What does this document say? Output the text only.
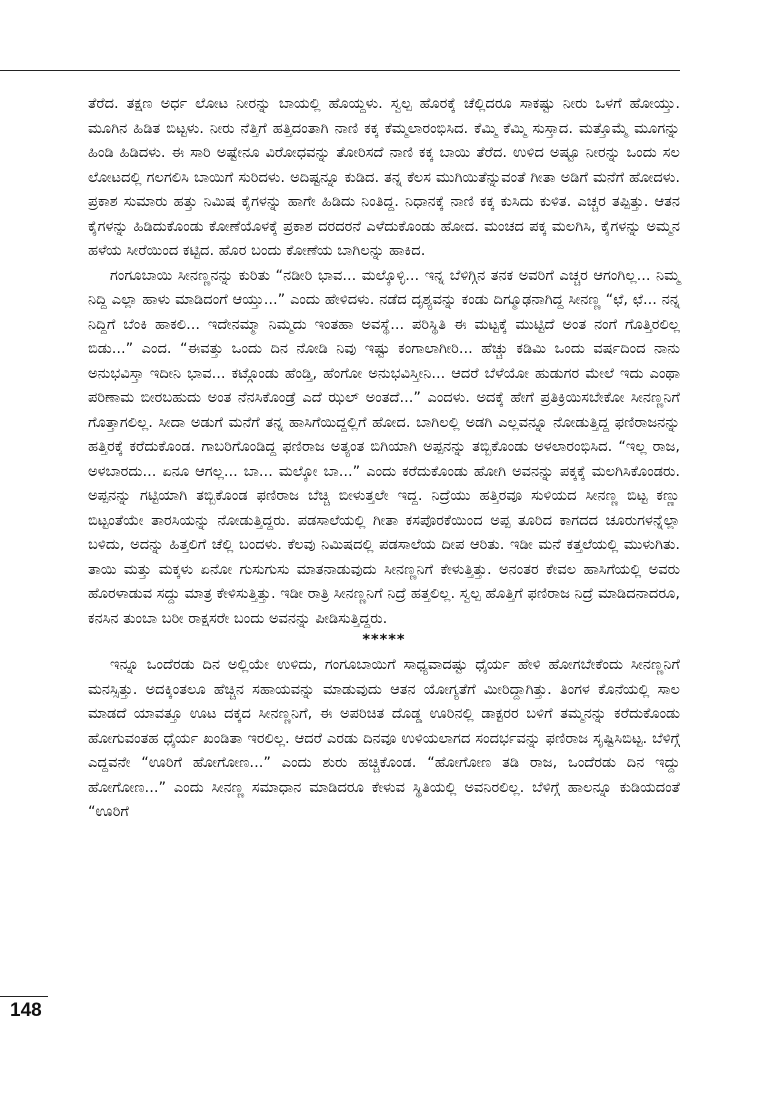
ತೆರೆದ. ತಕ್ಷಣ ಅರ್ಧ ಲೋಟ ನೀರನ್ನು ಬಾಯಲ್ಲಿ ಹೊಯ್ದಳು. ಸ್ವಲ್ಪ ಹೊರಕ್ಕೆ ಚೆಲ್ಲಿದರೂ ಸಾಕಷ್ಟು ನೀರು ಒಳಗೆ ಹೋಯ್ತು. ಮೂಗಿನ ಹಿಡಿತ ಬಿಟ್ಟಳು. ನೀರು ನೆತ್ತಿಗೆ ಹತ್ತಿದಂತಾಗಿ ನಾಣಿ ಕಕ್ಕ ಕೆಮ್ಮಲಾರಂಭಿಸಿದ. ಕೆಮ್ಮಿ ಕೆಮ್ಮಿ ಸುಸ್ತಾದ. ಮತ್ತೊಮ್ಮೆ ಮೂಗನ್ನು ಹಿಂಡಿ ಹಿಡಿದಳು. ಈ ಸಾರಿ ಅಷ್ಟೇನೂ ವಿರೋಧವನ್ನು ತೋರಿಸದೆ ನಾಣಿ ಕಕ್ಕ ಬಾಯಿ ತೆರೆದ. ಉಳಿದ ಅಷ್ಟೂ ನೀರನ್ನು ಒಂದು ಸಲ ಲೋಟದಲ್ಲಿ ಗಲಗಲಿಸಿ ಬಾಯಿಗೆ ಸುರಿದಳು. ಅದಿಷ್ಟನ್ನೂ ಕುಡಿದ. ತನ್ನ ಕೆಲಸ ಮುಗಿಯಿತೆನ್ನುವಂತೆ ಗೀತಾ ಅಡಿಗೆ ಮನೆಗೆ ಹೋದಳು. ಪ್ರಕಾಶ ಸುಮಾರು ಹತ್ತು ನಿಮಿಷ ಕೈಗಳನ್ನು ಹಾಗೇ ಹಿಡಿದು ನಿಂತಿದ್ದ. ನಿಧಾನಕ್ಕೆ ನಾಣಿ ಕಕ್ಕ ಕುಸಿದು ಕುಳಿತ. ಎಚ್ಚರ ತಪ್ಪಿತ್ತು. ಆತನ ಕೈಗಳನ್ನು ಹಿಡಿದುಕೊಂಡು ಕೋಣೆಯೊಳಕ್ಕೆ ಪ್ರಕಾಶ ದರದರನೆ ಎಳೆದುಕೊಂಡು ಹೋದ. ಮಂಚದ ಪಕ್ಕ ಮಲಗಿಸಿ, ಕೈಗಳನ್ನು ಅಮ್ಮನ ಹಳೆಯ ಸೀರೆಯಿಂದ ಕಟ್ಟಿದ. ಹೊರ ಬಂದು ಕೋಣೆಯ ಬಾಗಿಲನ್ನು ಹಾಕಿದ.

ಗಂಗೂಬಾಯಿ ಸೀನಣ್ಣನನ್ನು ಕುರಿತು “ನಡೀರಿ ಭಾವ... ಮಲ್ಕೊಳ್ಳಿ... ಇನ್ನ ಬೆಳಿಗ್ಗಿನ ತನಕ ಅವರಿಗೆ ಎಚ್ಚರ ಆಗಂಗಿಲ್ಲ... ನಿಮ್ಮ ನಿದ್ದಿ ಎಲ್ಲಾ ಹಾಳು ಮಾಡಿದಂಗೆ ಆಯ್ತು...” ಎಂದು ಹೇಳಿದಳು. ನಡೆದ ದೃಶ್ಯವನ್ನು ಕಂಡು ದಿಗ್ಮೂಢನಾಗಿದ್ದ ಸೀನಣ್ಣ “ಛೆ, ಛೆ... ನನ್ನ ನಿದ್ದಿಗೆ ಬೆಂಕಿ ಹಾಕಲಿ... ಇದೇನಮ್ಮಾ ನಿಮ್ಮದು ಇಂತಹಾ ಅವಸ್ಥೆ... ಪರಿಸ್ಥಿತಿ ಈ ಮಟ್ಟಕ್ಕೆ ಮುಟ್ಟಿದೆ ಅಂತ ನಂಗೆ ಗೊತ್ತಿರಲಿಲ್ಲ ಬಿಡು...” ಎಂದ. “ಈವತ್ತು ಒಂದು ದಿನ ನೋಡಿ ನಿವು ಇಷ್ಟು ಕಂಗಾಲಾಗೀರಿ... ಹೆಚ್ಚು ಕಡಿಮಿ ಒಂದು ವರ್ಷದಿಂದ ನಾನು ಅನುಭವಿಸ್ತಾ ಇದೀನಿ ಭಾವ... ಕಟ್ಗೊಂಡು ಹೆಂಡ್ತಿ, ಹೆಂಗೋ ಅನುಭವಿಸ್ತೀನಿ... ಆದರೆ ಬೆಳೆಯೋ ಹುಡುಗರ ಮೇಲೆ ಇದು ಎಂಥಾ ಪರಿಣಾಮ ಬೀರಬಹುದು ಅಂತ ನೆನಸಿಕೊಂಡ್ರೆ ಎದೆ ಝಲ್ ಅಂತದೆ...” ಎಂದಳು. ಅದಕ್ಕೆ ಹೇಗೆ ಪ್ರತಿಕ್ರಿಯಿಸಬೇಕೋ ಸೀನಣ್ಣನಿಗೆ ಗೊತ್ತಾಗಲಿಲ್ಲ. ಸೀದಾ ಅಡುಗೆ ಮನೆಗೆ ತನ್ನ ಹಾಸಿಗೆಯಿದ್ದಲ್ಲಿಗೆ ಹೋದ. ಬಾಗಿಲಲ್ಲಿ ಅಡಗಿ ಎಲ್ಲವನ್ನೂ ನೋಡುತ್ತಿದ್ದ ಫಣಿರಾಜನನ್ನು ಹತ್ತಿರಕ್ಕೆ ಕರೆದುಕೊಂಡ. ಗಾಬರಿಗೊಂಡಿದ್ದ ಫಣಿರಾಜ ಅತ್ಯಂತ ಬಿಗಿಯಾಗಿ ಅಪ್ಪನನ್ನು ತಬ್ಬಿಕೊಂಡು ಅಳಲಾರಂಭಿಸಿದ. “ಇಲ್ಲ ರಾಜ, ಅಳಬಾರದು... ಏನೂ ಆಗಲ್ಲ... ಬಾ... ಮಲ್ಕೋ ಬಾ...” ಎಂದು ಕರೆದುಕೊಂಡು ಹೋಗಿ ಅವನನ್ನು ಪಕ್ಕಕ್ಕೆ ಮಲಗಿಸಿಕೊಂಡರು. ಅಪ್ಪನನ್ನು ಗಟ್ಟಿಯಾಗಿ ತಬ್ಬಿಕೊಂಡ ಫಣಿರಾಜ ಬೆಚ್ಚಿ ಬೀಳುತ್ತಲೇ ಇದ್ದ. ನಿದ್ರೆಯು ಹತ್ತಿರವೂ ಸುಳಿಯದ ಸೀನಣ್ಣ ಬಿಟ್ಟ ಕಣ್ಣು ಬಿಟ್ಟಂತೆಯೇ ತಾರಸಿಯನ್ನು ನೋಡುತ್ತಿದ್ದರು. ಪಡಸಾಲೆಯಲ್ಲಿ ಗೀತಾ ಕಸಪೊರಕೆಯಿಂದ ಅಪ್ಪ ತೂರಿದ ಕಾಗದದ ಚೂರುಗಳನ್ನೆಲ್ಲಾ ಬಳಿದು, ಅದನ್ನು ಹಿತ್ತಲಿಗೆ ಚೆಲ್ಲಿ ಬಂದಳು. ಕೆಲವು ನಿಮಿಷದಲ್ಲಿ ಪಡಸಾಲೆಯ ದೀಪ ಆರಿತು. ಇಡೀ ಮನೆ ಕತ್ತಲೆಯಲ್ಲಿ ಮುಳುಗಿತು. ತಾಯಿ ಮತ್ತು ಮಕ್ಕಳು ಏನೋ ಗುಸುಗುಸು ಮಾತನಾಡುವುದು ಸೀನಣ್ಣನಿಗೆ ಕೇಳುತ್ತಿತ್ತು. ಅನಂತರ ಕೇವಲ ಹಾಸಿಗೆಯಲ್ಲಿ ಅವರು ಹೊರಳಾಡುವ ಸದ್ದು ಮಾತ್ರ ಕೇಳಿಸುತ್ತಿತ್ತು. ಇಡೀ ರಾತ್ರಿ ಸೀನಣ್ಣನಿಗೆ ನಿದ್ರೆ ಹತ್ತಲಿಲ್ಲ. ಸ್ವಲ್ಪ ಹೊತ್ತಿಗೆ ಫಣಿರಾಜ ನಿದ್ರೆ ಮಾಡಿದನಾದರೂ, ಕನಸಿನ ತುಂಬಾ ಬರೀ ರಾಕ್ಷಸರೇ ಬಂದು ಅವನನ್ನು ಪೀಡಿಸುತ್ತಿದ್ದರು.

*****

ಇನ್ನೂ ಒಂದೆರಡು ದಿನ ಅಲ್ಲಿಯೇ ಉಳಿದು, ಗಂಗೂಬಾಯಿಗೆ ಸಾಧ್ಯವಾದಷ್ಟು ಧೈರ್ಯ ಹೇಳಿ ಹೋಗಬೇಕೆಂದು ಸೀನಣ್ಣನಿಗೆ ಮನಸ್ಸಿತ್ತು. ಅದಕ್ಕಿಂತಲೂ ಹೆಚ್ಚಿನ ಸಹಾಯವನ್ನು ಮಾಡುವುದು ಆತನ ಯೋಗ್ಯತೆಗೆ ಮೀರಿದ್ದಾಗಿತ್ತು. ತಿಂಗಳ ಕೊನೆಯಲ್ಲಿ ಸಾಲ ಮಾಡದೆ ಯಾವತ್ತೂ ಊಟ ದಕ್ಕದ ಸೀನಣ್ಣನಿಗೆ, ಈ ಅಪರಿಚಿತ ದೊಡ್ಡ ಊರಿನಲ್ಲಿ ಡಾಕ್ಟರರ ಬಳಿಗೆ ತಮ್ಮನನ್ನು ಕರೆದುಕೊಂಡು ಹೋಗುವಂತಹ ಧೈರ್ಯ ಖಂಡಿತಾ ಇರಲಿಲ್ಲ. ಆದರೆ ಎರಡು ದಿನವೂ ಉಳಿಯಲಾಗದ ಸಂದರ್ಭವನ್ನು ಫಣಿರಾಜ ಸೃಷ್ಟಿಸಿಬಿಟ್ಟ. ಬೆಳಿಗ್ಗೆ ಎದ್ದವನೇ “ಊರಿಗೆ ಹೋಗೋಣ...” ಎಂದು ಶುರು ಹಚ್ಚಿಕೊಂಡ. “ಹೋಗೋಣ ತಡಿ ರಾಜ, ಒಂದೆರಡು ದಿನ ಇದ್ದು ಹೋಗೋಣ...” ಎಂದು ಸೀನಣ್ಣ ಸಮಾಧಾನ ಮಾಡಿದರೂ ಕೇಳುವ ಸ್ಥಿತಿಯಲ್ಲಿ ಅವನಿರಲಿಲ್ಲ. ಬೆಳಿಗ್ಗೆ ಹಾಲನ್ನೂ ಕುಡಿಯದಂತೆ “ಊರಿಗೆ

148
